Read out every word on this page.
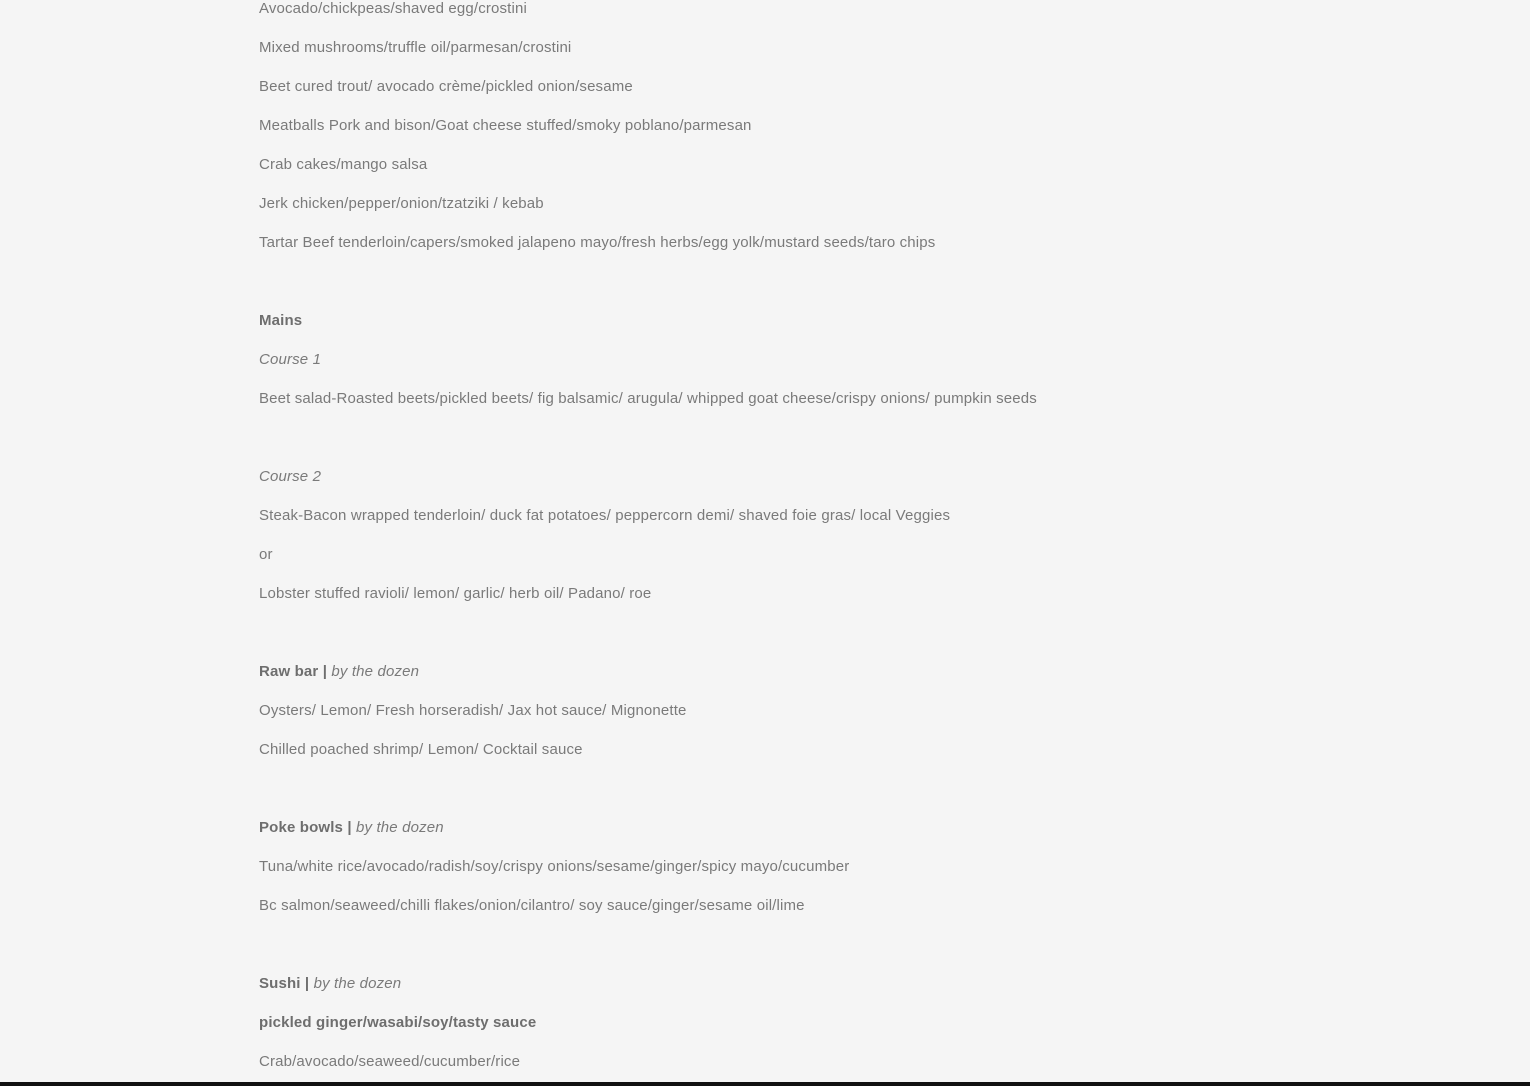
Avocado/chickpeas/shaved egg/crostini
Mixed mushrooms/truffle oil/parmesan/crostini
Beet cured trout/ avocado crème/pickled onion/sesame
Meatballs Pork and bison/Goat cheese stuffed/smoky poblano/parmesan
Crab cakes/mango salsa
Jerk chicken/pepper/onion/tzatziki / kebab
Tartar Beef tenderloin/capers/smoked jalapeno mayo/fresh herbs/egg yolk/mustard seeds/taro chips
Mains
Course 1
Beet salad-Roasted beets/pickled beets/ fig balsamic/ arugula/ whipped goat cheese/crispy onions/ pumpkin seeds
Course 2
Steak-Bacon wrapped tenderloin/ duck fat potatoes/ peppercorn demi/ shaved foie gras/ local Veggies
or
Lobster stuffed ravioli/ lemon/ garlic/ herb oil/ Padano/ roe
Raw bar | by the dozen
Oysters/ Lemon/ Fresh horseradish/ Jax hot sauce/ Mignonette
Chilled poached shrimp/ Lemon/ Cocktail sauce
Poke bowls | by the dozen
Tuna/white rice/avocado/radish/soy/crispy onions/sesame/ginger/spicy mayo/cucumber
Bc salmon/seaweed/chilli flakes/onion/cilantro/ soy sauce/ginger/sesame oil/lime
Sushi | by the dozen
pickled ginger/wasabi/soy/tasty sauce
Crab/avocado/seaweed/cucumber/rice
